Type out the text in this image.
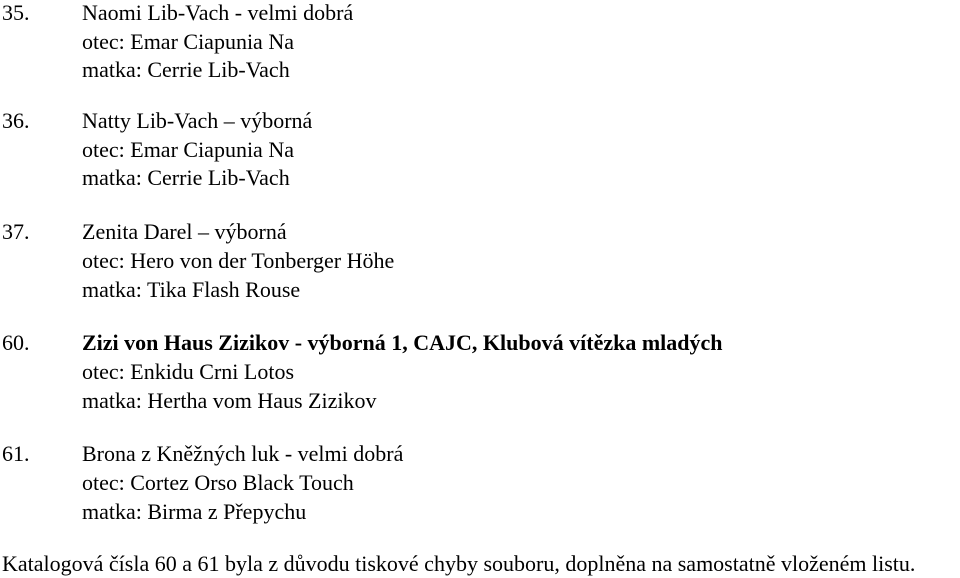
35. Naomi Lib-Vach - velmi dobrá
otec: Emar Ciapunia Na
matka: Cerrie Lib-Vach
36. Natty Lib-Vach – výborná
otec: Emar Ciapunia Na
matka: Cerrie Lib-Vach
37. Zenita Darel – výborná
otec: Hero von der Tonberger Höhe
matka: Tika Flash Rouse
60. Zizi von Haus Zizikov - výborná 1, CAJC, Klubová vítězka mladých
otec: Enkidu Crni Lotos
matka: Hertha vom Haus Zizikov
61. Brona z Kněžných luk - velmi dobrá
otec: Cortez Orso Black Touch
matka: Birma z Přepychu
Katalogová čísla 60 a 61 byla z důvodu tiskové chyby souboru, doplněna na samostatně vloženém listu.
